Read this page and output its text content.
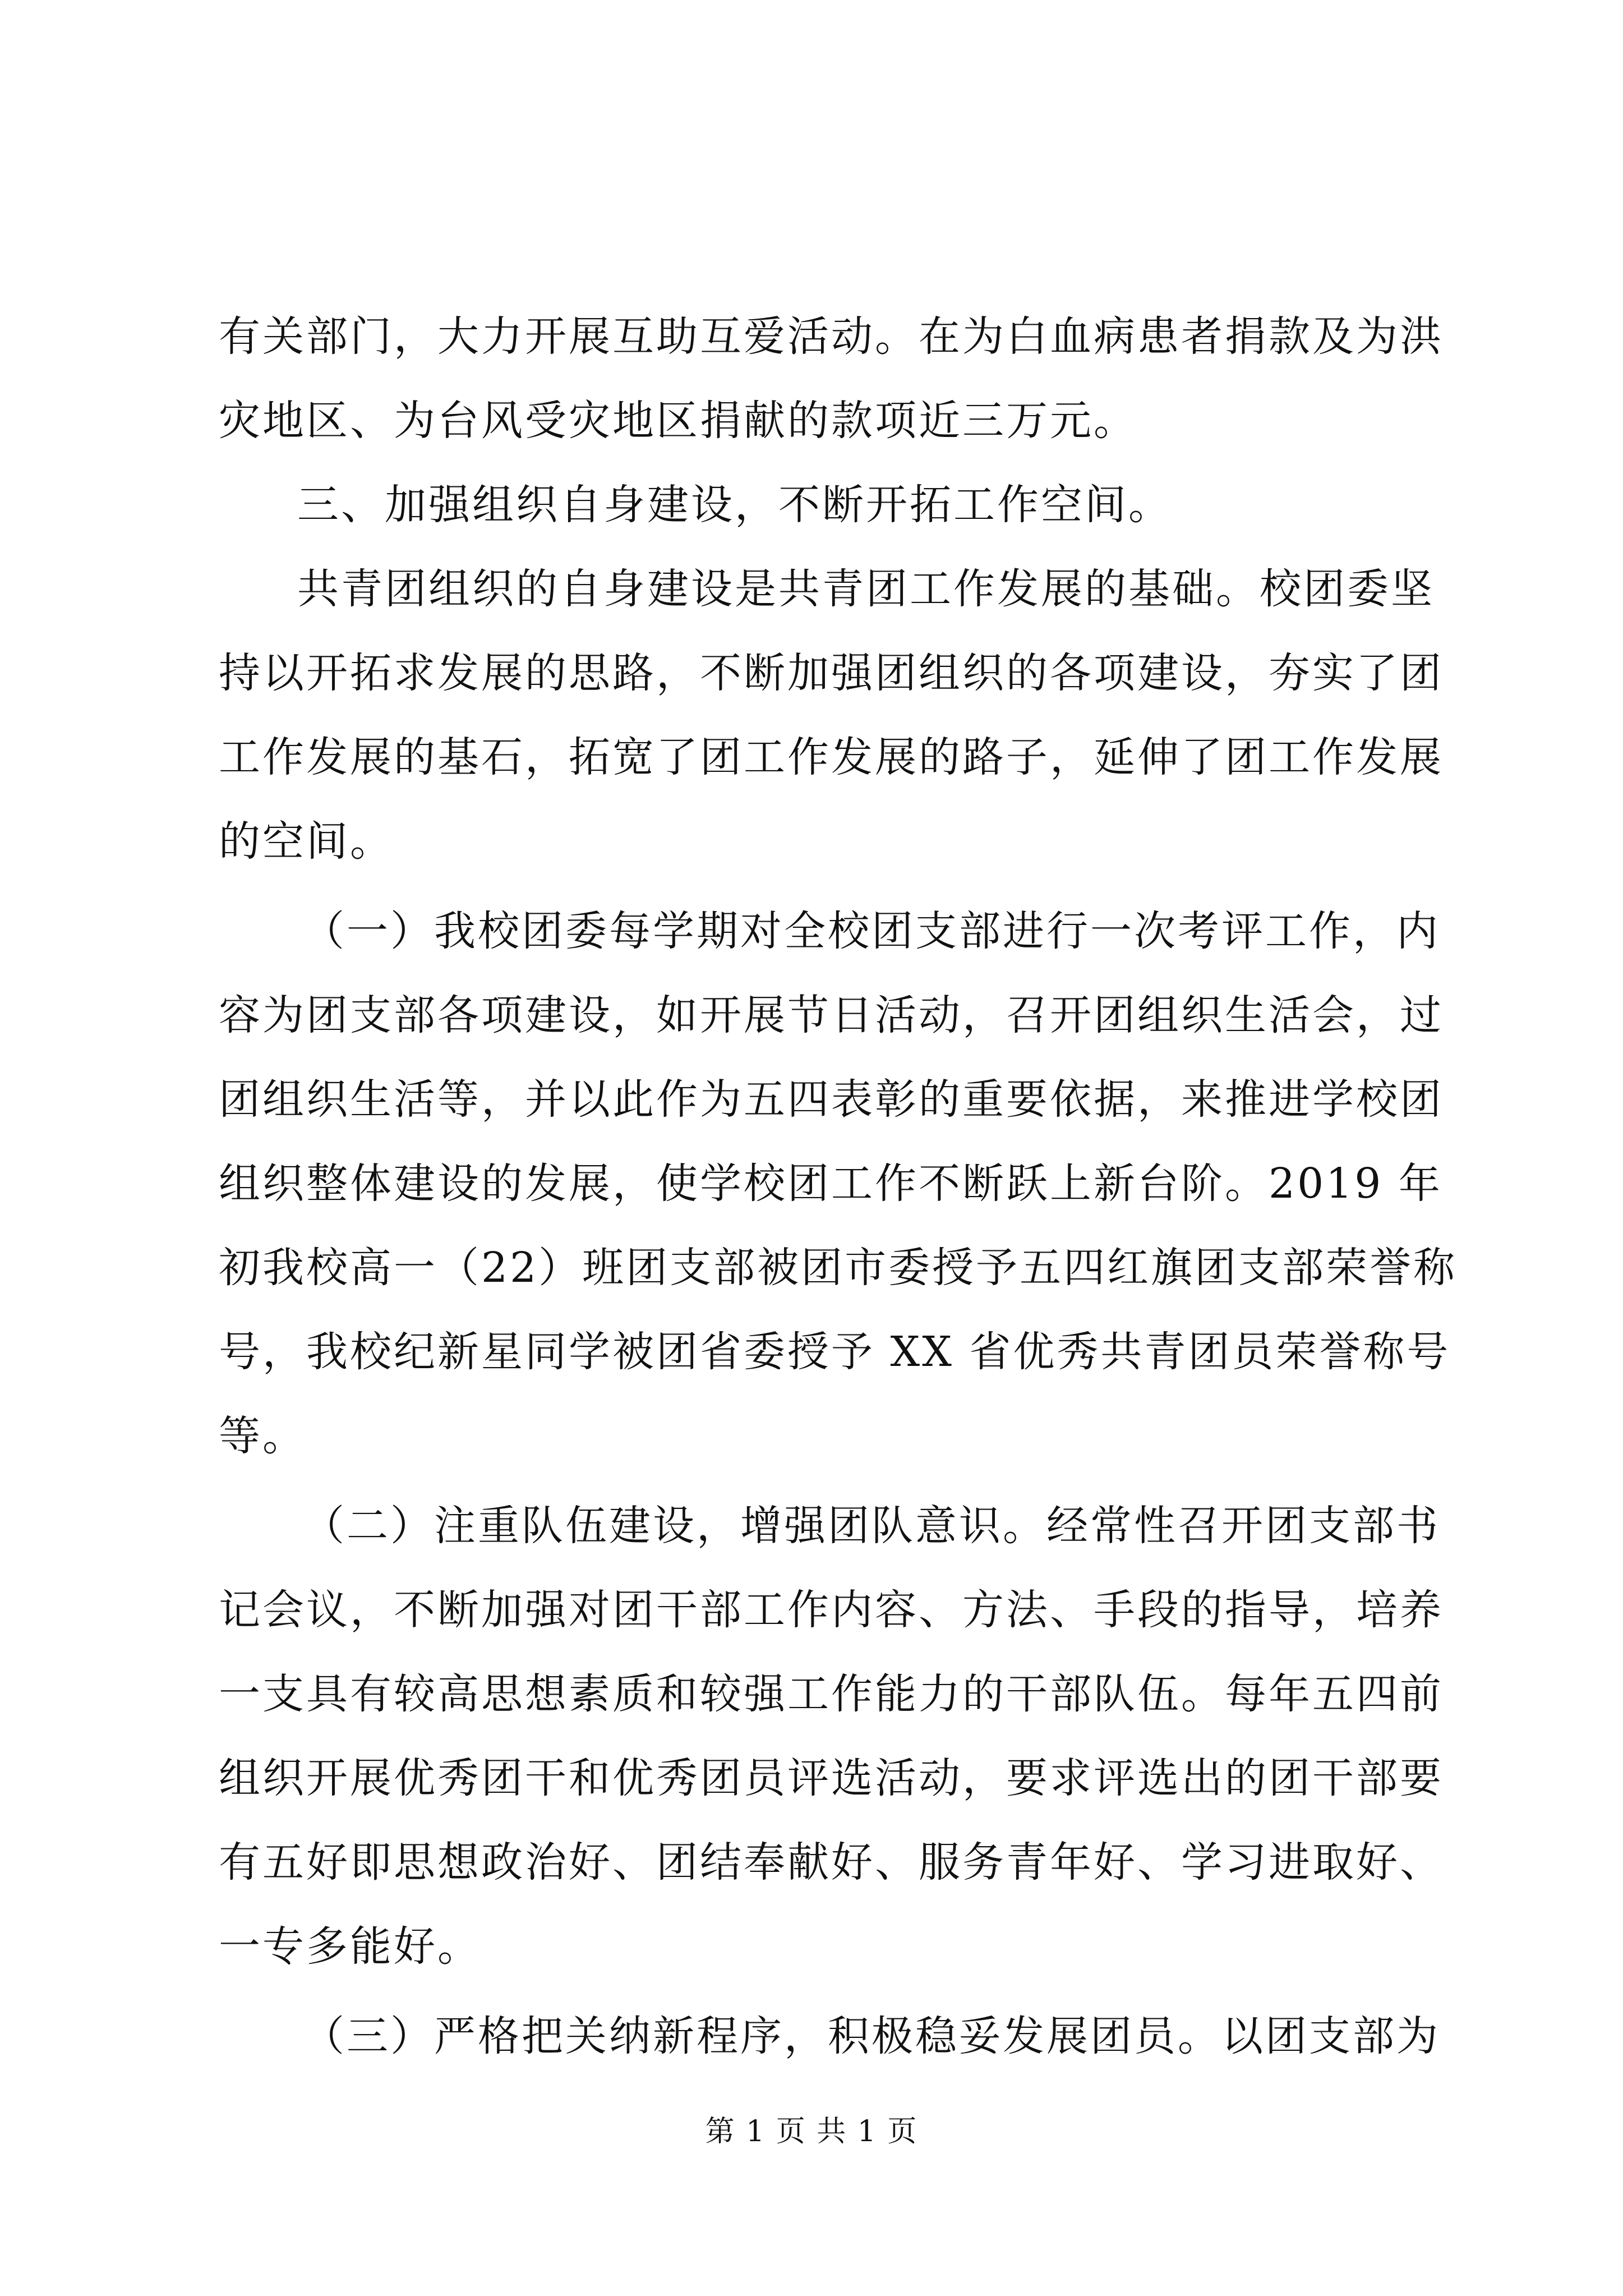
有关部门，大力开展互助互爱活动。在为白血病患者捐款及为洪
灾地区、为台风受灾地区捐献的款项近三万元。
三、加强组织自身建设，不断开拓工作空间。
共青团组织的自身建设是共青团工作发展的基础。校团委坚
持以开拓求发展的思路，不断加强团组织的各项建设，夯实了团
工作发展的基石，拓宽了团工作发展的路子，延伸了团工作发展
的空间。
（一）我校团委每学期对全校团支部进行一次考评工作，内
容为团支部各项建设，如开展节日活动，召开团组织生活会，过
团组织生活等，并以此作为五四表彰的重要依据，来推进学校团
组织整体建设的发展，使学校团工作不断跃上新台阶。2019 年
初我校高一（22）班团支部被团市委授予五四红旗团支部荣誉称
号，我校纪新星同学被团省委授予 XX 省优秀共青团员荣誉称号
等。
（二）注重队伍建设，增强团队意识。经常性召开团支部书
记会议，不断加强对团干部工作内容、方法、手段的指导，培养
一支具有较高思想素质和较强工作能力的干部队伍。每年五四前
组织开展优秀团干和优秀团员评选活动，要求评选出的团干部要
有五好即思想政治好、团结奉献好、服务青年好、学习进取好、
一专多能好。
（三）严格把关纳新程序，积极稳妥发展团员。以团支部为
第 1 页 共 1 页
